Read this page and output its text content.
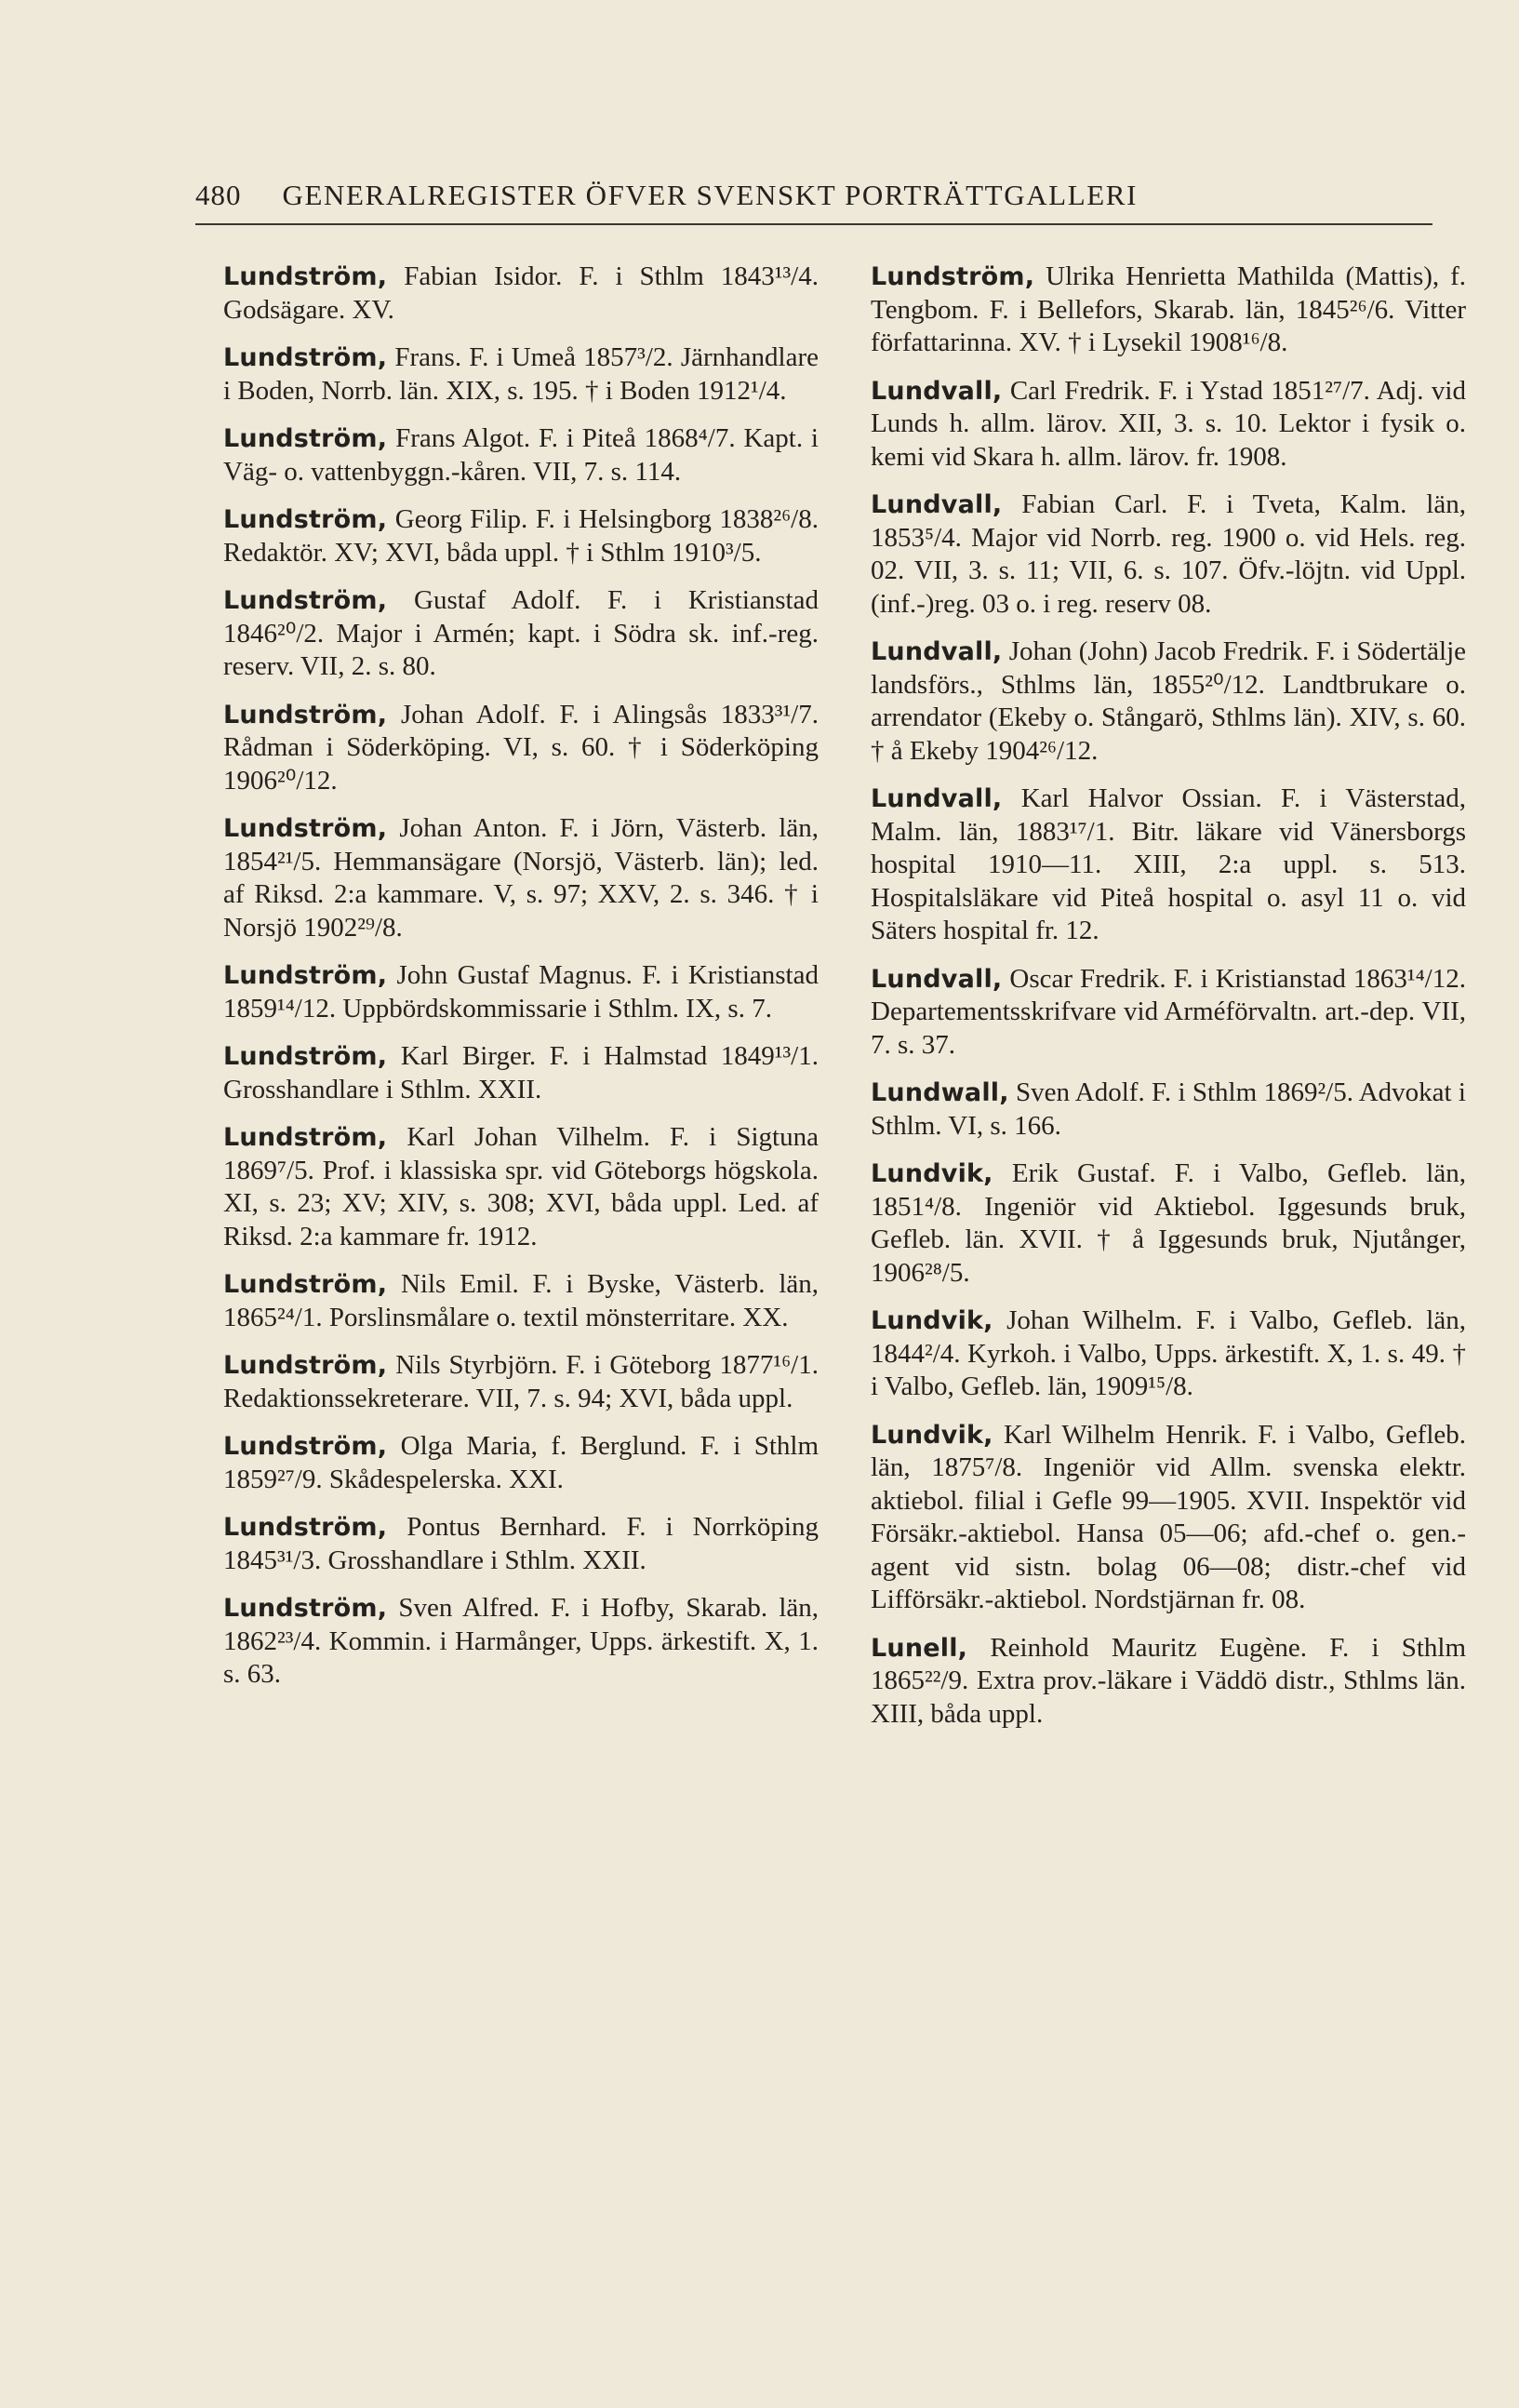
480 GENERALREGISTER ÖFVER SVENSKT PORTRÄTTGALLERI
Lundström, Fabian Isidor. F. i Sthlm 1843¹³/4. Godsägare. XV.
Lundström, Frans. F. i Umeå 1857³/2. Järnhandlare i Boden, Norrb. län. XIX, s. 195. † i Boden 1912¹/4.
Lundström, Frans Algot. F. i Piteå 1868⁴/7. Kapt. i Väg- o. vattenbyggn.-kåren. VII, 7. s. 114.
Lundström, Georg Filip. F. i Helsingborg 1838²⁶/8. Redaktör. XV; XVI, båda uppl. † i Sthlm 1910³/5.
Lundström, Gustaf Adolf. F. i Kristianstad 1846²⁰/2. Major i Armén; kapt. i Södra sk. inf.-reg. reserv. VII, 2. s. 80.
Lundström, Johan Adolf. F. i Alingsås 1833³¹/7. Rådman i Söderköping. VI, s. 60. † i Söderköping 1906²⁰/12.
Lundström, Johan Anton. F. i Jörn, Västerb. län, 1854²¹/5. Hemmansägare (Norsjö, Västerb. län); led. af Riksd. 2:a kammare. V, s. 97; XXV, 2. s. 346. † i Norsjö 1902²⁹/8.
Lundström, John Gustaf Magnus. F. i Kristianstad 1859¹⁴/12. Uppbördskommissarie i Sthlm. IX, s. 7.
Lundström, Karl Birger. F. i Halmstad 1849¹³/1. Grosshandlare i Sthlm. XXII.
Lundström, Karl Johan Vilhelm. F. i Sigtuna 1869⁷/5. Prof. i klassiska spr. vid Göteborgs högskola. XI, s. 23; XV; XIV, s. 308; XVI, båda uppl. Led. af Riksd. 2:a kammare fr. 1912.
Lundström, Nils Emil. F. i Byske, Västerb. län, 1865²⁴/1. Porslinsmålare o. textil mönsterritare. XX.
Lundström, Nils Styrbjörn. F. i Göteborg 1877¹⁶/1. Redaktionssekreterare. VII, 7. s. 94; XVI, båda uppl.
Lundström, Olga Maria, f. Berglund. F. i Sthlm 1859²⁷/9. Skådespelerska. XXI.
Lundström, Pontus Bernhard. F. i Norrköping 1845³¹/3. Grosshandlare i Sthlm. XXII.
Lundström, Sven Alfred. F. i Hofby, Skarab. län, 1862²³/4. Kommin. i Harmånger, Upps. ärkestift. X, 1. s. 63.
Lundström, Ulrika Henrietta Mathilda (Mattis), f. Tengbom. F. i Bellefors, Skarab. län, 1845²⁶/6. Vitter författarinna. XV. † i Lysekil 1908¹⁶/8.
Lundvall, Carl Fredrik. F. i Ystad 1851²⁷/7. Adj. vid Lunds h. allm. lärov. XII, 3. s. 10. Lektor i fysik o. kemi vid Skara h. allm. lärov. fr. 1908.
Lundvall, Fabian Carl. F. i Tveta, Kalm. län, 1853⁵/4. Major vid Norrb. reg. 1900 o. vid Hels. reg. 02. VII, 3. s. 11; VII, 6. s. 107. Öfv.-löjtn. vid Uppl. (inf.-)reg. 03 o. i reg. reserv 08.
Lundvall, Johan (John) Jacob Fredrik. F. i Södertälje landsförs., Sthlms län, 1855²⁰/12. Landtbrukare o. arrendator (Ekeby o. Stångarö, Sthlms län). XIV, s. 60. † å Ekeby 1904²⁶/12.
Lundvall, Karl Halvor Ossian. F. i Västerstad, Malm. län, 1883¹⁷/1. Bitr. läkare vid Vänersborgs hospital 1910—11. XIII, 2:a uppl. s. 513. Hospitalsläkare vid Piteå hospital o. asyl 11 o. vid Säters hospital fr. 12.
Lundvall, Oscar Fredrik. F. i Kristianstad 1863¹⁴/12. Departementsskrifvare vid Arméförvaltn. art.-dep. VII, 7. s. 37.
Lundwall, Sven Adolf. F. i Sthlm 1869²/5. Advokat i Sthlm. VI, s. 166.
Lundvik, Erik Gustaf. F. i Valbo, Gefleb. län, 1851⁴/8. Ingeniör vid Aktiebol. Iggesunds bruk, Gefleb. län. XVII. † å Iggesunds bruk, Njutånger, 1906²⁸/5.
Lundvik, Johan Wilhelm. F. i Valbo, Gefleb. län, 1844²/4. Kyrkoh. i Valbo, Upps. ärkestift. X, 1. s. 49. † i Valbo, Gefleb. län, 1909¹⁵/8.
Lundvik, Karl Wilhelm Henrik. F. i Valbo, Gefleb. län, 1875⁷/8. Ingeniör vid Allm. svenska elektr. aktiebol. filial i Gefle 99—1905. XVII. Inspektör vid Försäkr.-aktiebol. Hansa 05—06; afd.-chef o. gen.-agent vid sistn. bolag 06—08; distr.-chef vid Lifförsäkr.-aktiebol. Nordstjärnan fr. 08.
Lunell, Reinhold Mauritz Eugène. F. i Sthlm 1865²²/9. Extra prov.-läkare i Väddö distr., Sthlms län. XIII, båda uppl.
